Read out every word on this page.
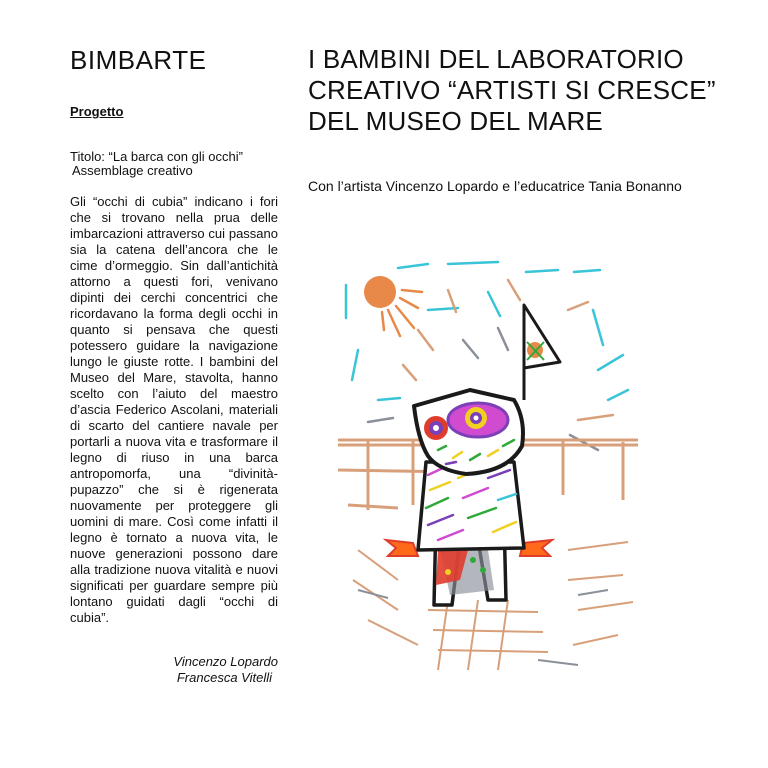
BIMBARTE
Progetto
Titolo: “La barca con gli occhi”
Assemblage creativo

Gli “occhi di cubia” indicano i fori che si trovano nella prua delle imbarcazioni attraverso cui passano sia la catena dell’ancora che le cime d’ormeggio. Sin dall’antichità attorno a questi fori, venivano dipinti dei cerchi concentrici che ricordavano la forma degli occhi in quanto si pensava che questi potessero guidare la navigazione lungo le giuste rotte. I bambini del Museo del Mare, stavolta, hanno scelto con l’aiuto del maestro d’ascia Federico Ascolani, materiali di scarto del cantiere navale per portarli a nuova vita e trasformare il legno di riuso in una barca antropomorfa, una “divinità-pupazzo” che si è rigenerata nuovamente per proteggere gli uomini di mare. Così come infatti il legno è tornato a nuova vita, le nuove generazioni possono dare alla tradizione nuova vitalità e nuovi significati per guardare sempre più lontano guidati dagli “occhi di cubia”.

Vincenzo Lopardo
Francesca Vitelli
I BAMBINI DEL LABORATORIO CREATIVO “ARTISTI SI CRESCE” DEL MUSEO DEL MARE
Con l’artista Vincenzo Lopardo e l’educatrice Tania Bonanno
